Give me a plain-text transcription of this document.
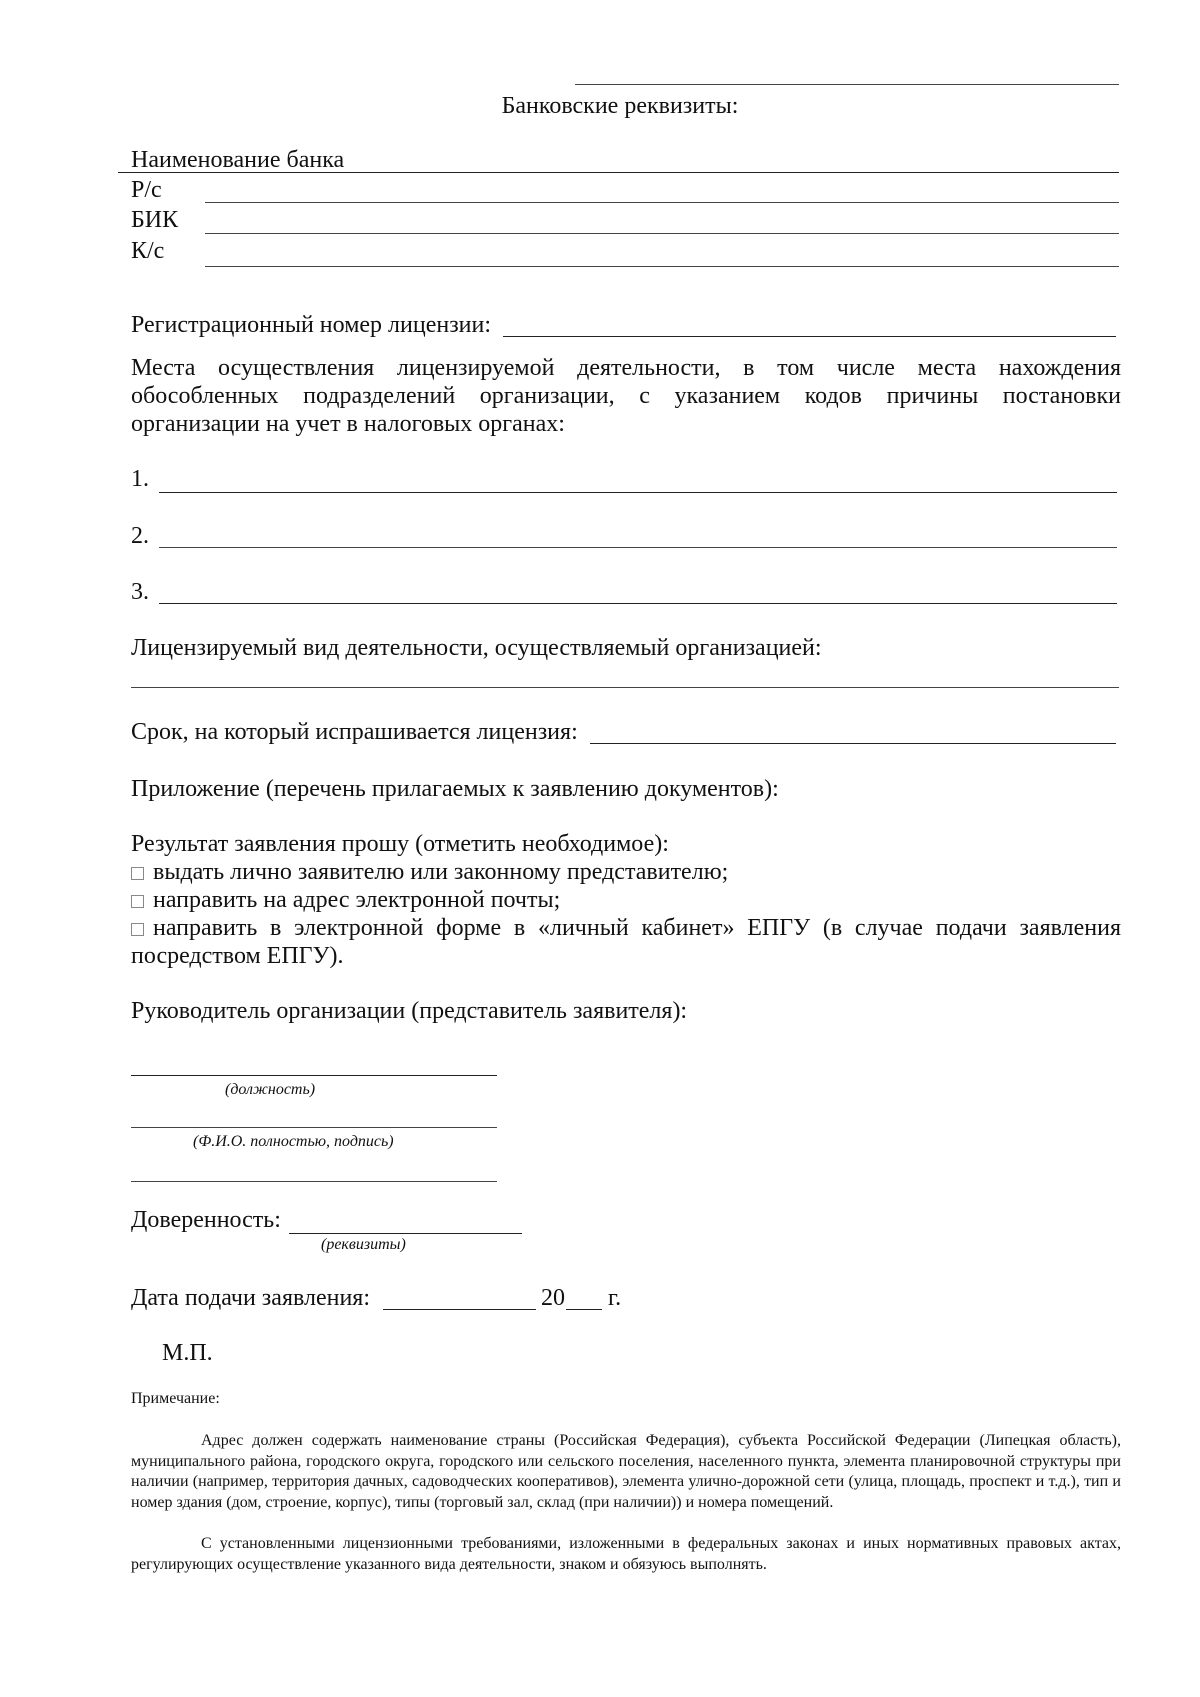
Банковские реквизиты:
Наименование банка
Р/с
БИК
К/с
Регистрационный номер лицензии:
Места осуществления лицензируемой деятельности, в том числе места нахождения обособленных подразделений организации, с указанием кодов причины постановки организации на учет в налоговых органах:
1.
2.
3.
Лицензируемый вид деятельности, осуществляемый организацией:
Срок, на который испрашивается лицензия:
Приложение (перечень прилагаемых к заявлению документов):
Результат заявления прошу (отметить необходимое):
выдать лично заявителю или законному представителю;
направить на адрес электронной почты;
направить в электронной форме в «личный кабинет» ЕПГУ (в случае подачи заявления посредством ЕПГУ).
Руководитель организации (представитель заявителя):
(должность)
(Ф.И.О. полностью, подпись)
Доверенность:
(реквизиты)
Дата подачи заявления:	20 г.
М.П.
Примечание:
Адрес должен содержать наименование страны (Российская Федерация), субъекта Российской Федерации (Липецкая область), муниципального района, городского округа, городского или сельского поселения, населенного пункта, элемента планировочной структуры при наличии (например, территория дачных, садоводческих кооперативов), элемента улично-дорожной сети (улица, площадь, проспект и т.д.), тип и номер здания (дом, строение, корпус), типы (торговый зал, склад (при наличии)) и номера помещений.
С установленными лицензионными требованиями, изложенными в федеральных законах и иных нормативных правовых актах, регулирующих осуществление указанного вида деятельности, знаком и обязуюсь выполнять.
